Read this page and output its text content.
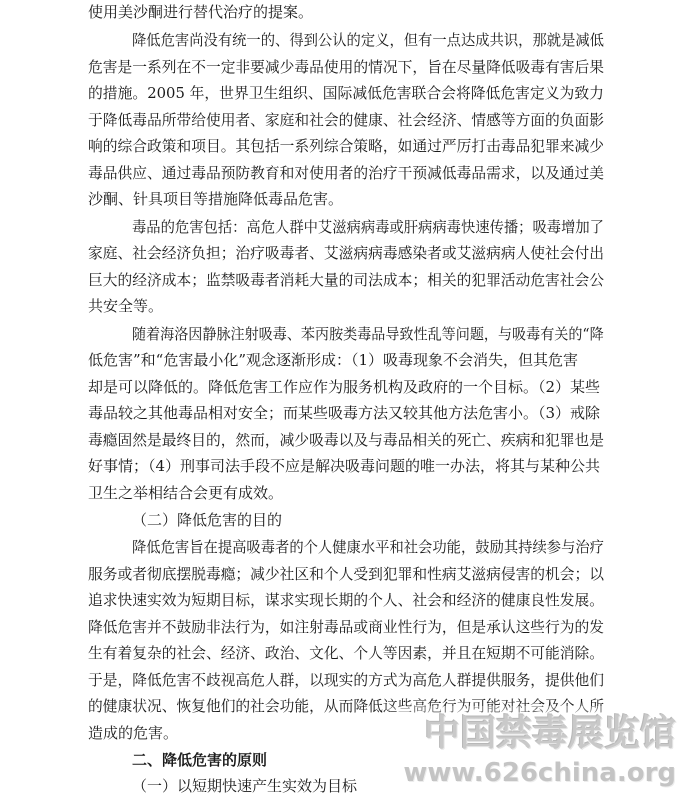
使用美沙酮进行替代治疗的提案。
降低危害尚没有统一的、得到公认的定义，但有一点达成共识，那就是减低
危害是一系列在不一定非要减少毒品使用的情况下，旨在尽量降低吸毒有害后果
的措施。2005 年，世界卫生组织、国际减低危害联合会将降低危害定义为致力
于降低毒品所带给使用者、家庭和社会的健康、社会经济、情感等方面的负面影
响的综合政策和项目。其包括一系列综合策略，如通过严厉打击毒品犯罪来减少
毒品供应、通过毒品预防教育和对使用者的治疗干预减低毒品需求，以及通过美
沙酮、针具项目等措施降低毒品危害。
毒品的危害包括：高危人群中艾滋病病毒或肝病病毒快速传播；吸毒增加了
家庭、社会经济负担；治疗吸毒者、艾滋病病毒感染者或艾滋病病人使社会付出
巨大的经济成本；监禁吸毒者消耗大量的司法成本；相关的犯罪活动危害社会公
共安全等。
随着海洛因静脉注射吸毒、苯丙胺类毒品导致性乱等问题，与吸毒有关的“降
低危害”和“危害最小化”观念逐渐形成：（1）吸毒现象不会消失，但其危害
却是可以降低的。降低危害工作应作为服务机构及政府的一个目标。（2）某些
毒品较之其他毒品相对安全；而某些吸毒方法又较其他方法危害小。（3）戒除
毒瘾固然是最终目的，然而，减少吸毒以及与毒品相关的死亡、疾病和犯罪也是
好事情；（4）刑事司法手段不应是解决吸毒问题的唯一办法，将其与某种公共
卫生之举相结合会更有成效。
（二）降低危害的目的
降低危害旨在提高吸毒者的个人健康水平和社会功能，鼓励其持续参与治疗
服务或者彻底摆脱毒瘾；减少社区和个人受到犯罪和性病艾滋病侵害的机会；以
追求快速实效为短期目标，谋求实现长期的个人、社会和经济的健康良性发展。
降低危害并不鼓励非法行为，如注射毒品或商业性行为，但是承认这些行为的发
生有着复杂的社会、经济、政治、文化、个人等因素，并且在短期不可能消除。
于是，降低危害不歧视高危人群，以现实的方式为高危人群提供服务，提供他们
的健康状况、恢复他们的社会功能，从而降低这些高危行为可能对社会及个人所
造成的危害。
二、降低危害的原则
（一）以短期快速产生实效为目标
中国禁毒展览馆
www.626china.org
